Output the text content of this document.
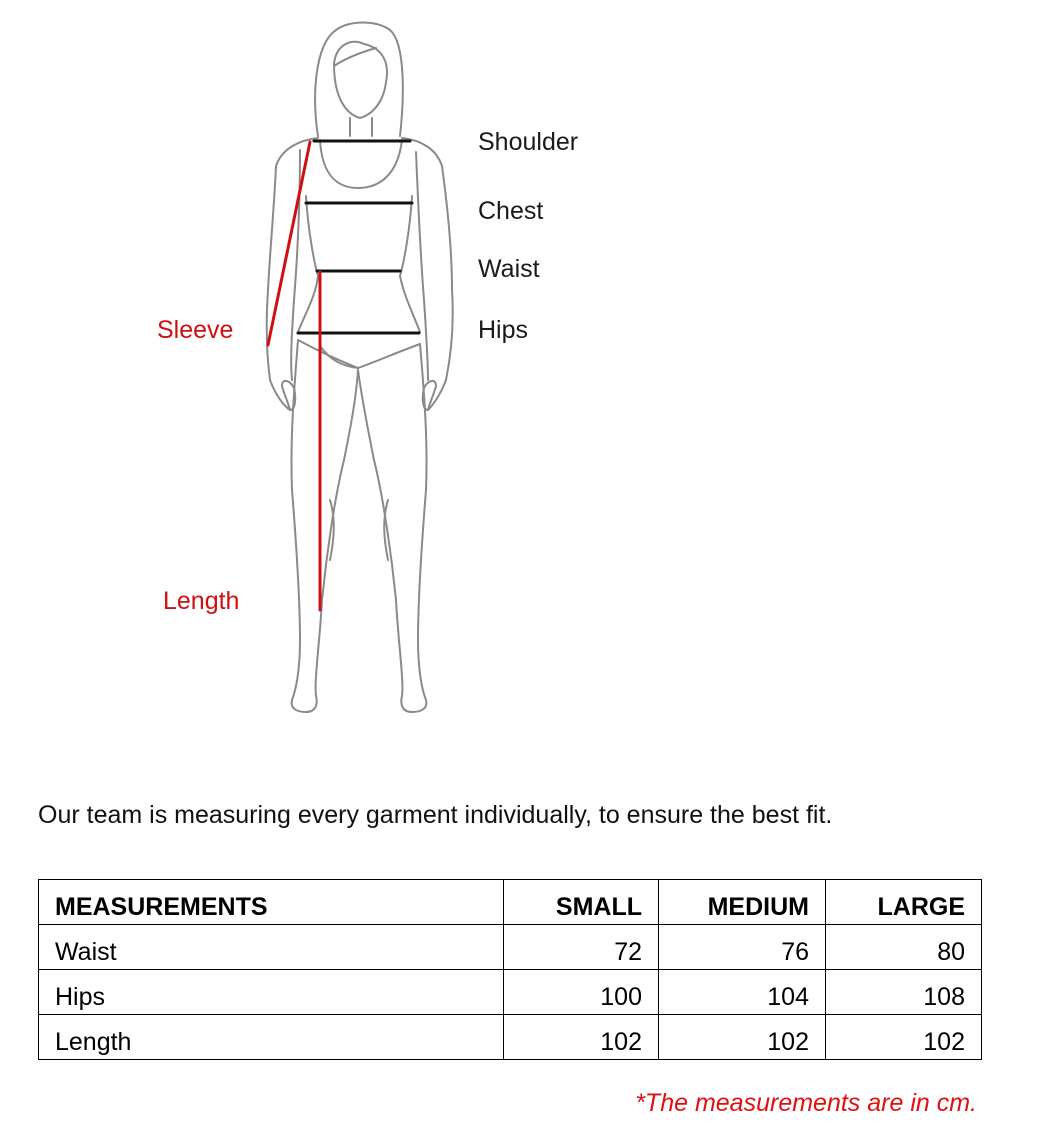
Shoulder
Chest
Waist
Hips
Sleeve
Length
Our team is measuring every garment individually, to ensure the best fit.
MEASUREMENTS	SMALL	MEDIUM	LARGE
Waist	72	76	80
Hips	100	104	108
Length	102	102	102
*The measurements are in cm.
